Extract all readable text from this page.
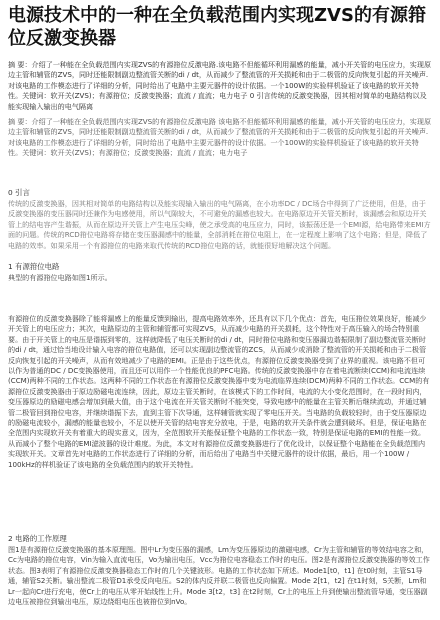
电源技术中的一种在全负载范围内实现ZVS的有源箝位反激变换器

摘 要：介绍了一种能在全负载范围内实现ZVS的有源箝位反激电路.该电路不但能循环利用漏感的能量，减小开关管的电压应力，实现原边主管和辅管的ZVS，同时还能限制副边整流管关断的di / dt，从而减少了整流管的开关损耗和由于二极管的反向恢复引起的开关噪声.对该电路的工作模态进行了详细的分析，同时给出了电路中主要元器件的设计依据。一个100W的实验样机验证了该电路的软开关特性。关键词：软开关(ZVS)；有源箝位；反激变换器；直流 / 直流；电力电子 0 引言传统的反激变换器，因其相对简单的电路结构以及能实现输入输出的电气隔离

摘 要：介绍了一种能在全负载范围内实现ZVS的有源箝位反激电路 该电路不但能循环利用漏感的能量，减小开关管的电压应力，实现原边主管和辅管的ZVS，同时还能限制副边整流管关断的di / dt，从而减少了整流管的开关损耗和由于二极管的反向恢复引起的开关噪声.对该电路的工作模态进行了详细的分析，同时给出了电路中主要元器件的设计依据。一个100W的实验样机验证了该电路的软开关特性。关键词：软开关(ZVS)；有源箝位；反激变换器；直流 / 直流；电力电子

0 引言

传统的反激变换器，因其相对简单的电路结构以及能实现输入输出的电气隔离，在小功率DC / DC场合中得到了广泛使用，但是，由于反激变换器的变压器同时还兼作为电感使用，所以气隙较大，不可避免的漏感也较大。在电路原边开关管关断时，该漏感会和原边开关管上的结电容产生谐振，从而在原边开关管上产生电压尖峰，使之承受高的电压应力，同时，该振荡还是一个EMI源，给电路带来EMI方面的问题。传统的RCD箝位电路将存储在变压器漏感中的能量，全部消耗在箝位电阻上，在一定程度上影响了这个电路；但是，降低了电路的效率。如果采用一个有源箝位的电路来取代传统的RCD箝位电路的话，就能很好地解决这个问题。

1 有源箝位电路

典型的有源箝位电路如图1所示。

有源箝位的反激变换器除了能将漏感上的能量反馈到输出，提高电路效率外，还具有以下几个优点：首先，电压箝位效果良好，能减少开关管上的电压应力；其次，电路原边的主管和辅管都可实现ZVS，从而减少电路的开关损耗，这个特性对于高压输入的场合特别重要。由于开关管上的电压是谐振到零的，这样就降低了电压关断时的di / dt，同时箝位电路和变压器漏边谐振限制了副边整流管关断时的di / dt，通过恰当地设计输入电容的箝位电路值，还可以实现副边整流管的ZCS，从而减少或消除了整流管的开关损耗和由于二极管反向恢复引起的开关噪声，从而有效地减少了电路的EMI。正是由于这些优点，有源箝位反激变换器受到了业界的重视。该电路不但可以作为普通的DC / DC变换器使用，而且还可以用作一个性能优良的PFC电路。传统的反激变换器中存在着电流断续(CCM)和电流连续(CCM)两种不同的工作状态。这两种不同的工作状态在有源箝位反激变换器中变为电流临界连续(DCM)两种不同的工作状态。CCM的有源箝位反激变换器由于原边励磁电流连续，因此，原边主管关断时，在该模式下的工作时间，电流的大小变化范围时，在一段时间内，变压器原边的励磁电感会增加到最大值，由于这个电流在开关管关断时不能突变，导致电感中的能量在主管关断后继续流动，并通过辅管二极管回到箝位电容，并继续谐振下去，直到主管下次导通，这样辅管就实现了零电压开关。当电路的负载较轻时，由于变压器原边的励磁电流较小，漏感的能量也较小，不足以使开关管的结电容充分放电，于是，电路的软开关条件就会遭到破坏。但是，保证电路在全范围内实现软开关有着重大的现实意义，因为，全范围软开关能保证整个电路的工作状态一致，特别是保证电路的EMI的性能一致。从而减小了整个电路的EMI滤波器的设计难度。为此，本文对有源箝位反激变换器进行了优化设计，以保证整个电路能在全负载范围内实现软开关。文章首先对电路的工作状态进行了详细的分析，而后给出了电路当中关键元器件的设计依据，最后，用一个100W / 100kHz的样机验证了该电路的全负载范围内的软开关特性。

2 电路的工作原理

图1是有源箝位反激变换器的基本原理图。图中Lr为变压器的漏感，Lm为变压器原边的激磁电感，Cr为主管和辅管的等效结电容之和，Cc为电路的箝位电容，Vin为输入直流电压，Vo为输出电压，Vcc为箝位电容稳态工作时的电压。图2是有源箝位反激变换器的等效工作状态。图3表明了有源箝位反激变换器稳态工作时的几个关键波形。电路的工作状态如下所述。Mode1[t0，t1] 在t0时刻，主管S1导通，辅管S2关断。输出整流二极管D1承受反向电压。S2的体内反并联二极管也反向偏置。Mode 2[t1，t2] 在t1时刻，S关断，Lm和Lr一起向Cr进行充电，使Cr上的电压从零开始线性上升。Mode 3[t2，t3] 在t2时刻，Cr上的电压上升到使输出整流管导通，变压器副边电压被箝位到输出电压，原边绕组电压也被箝位到nVo。
